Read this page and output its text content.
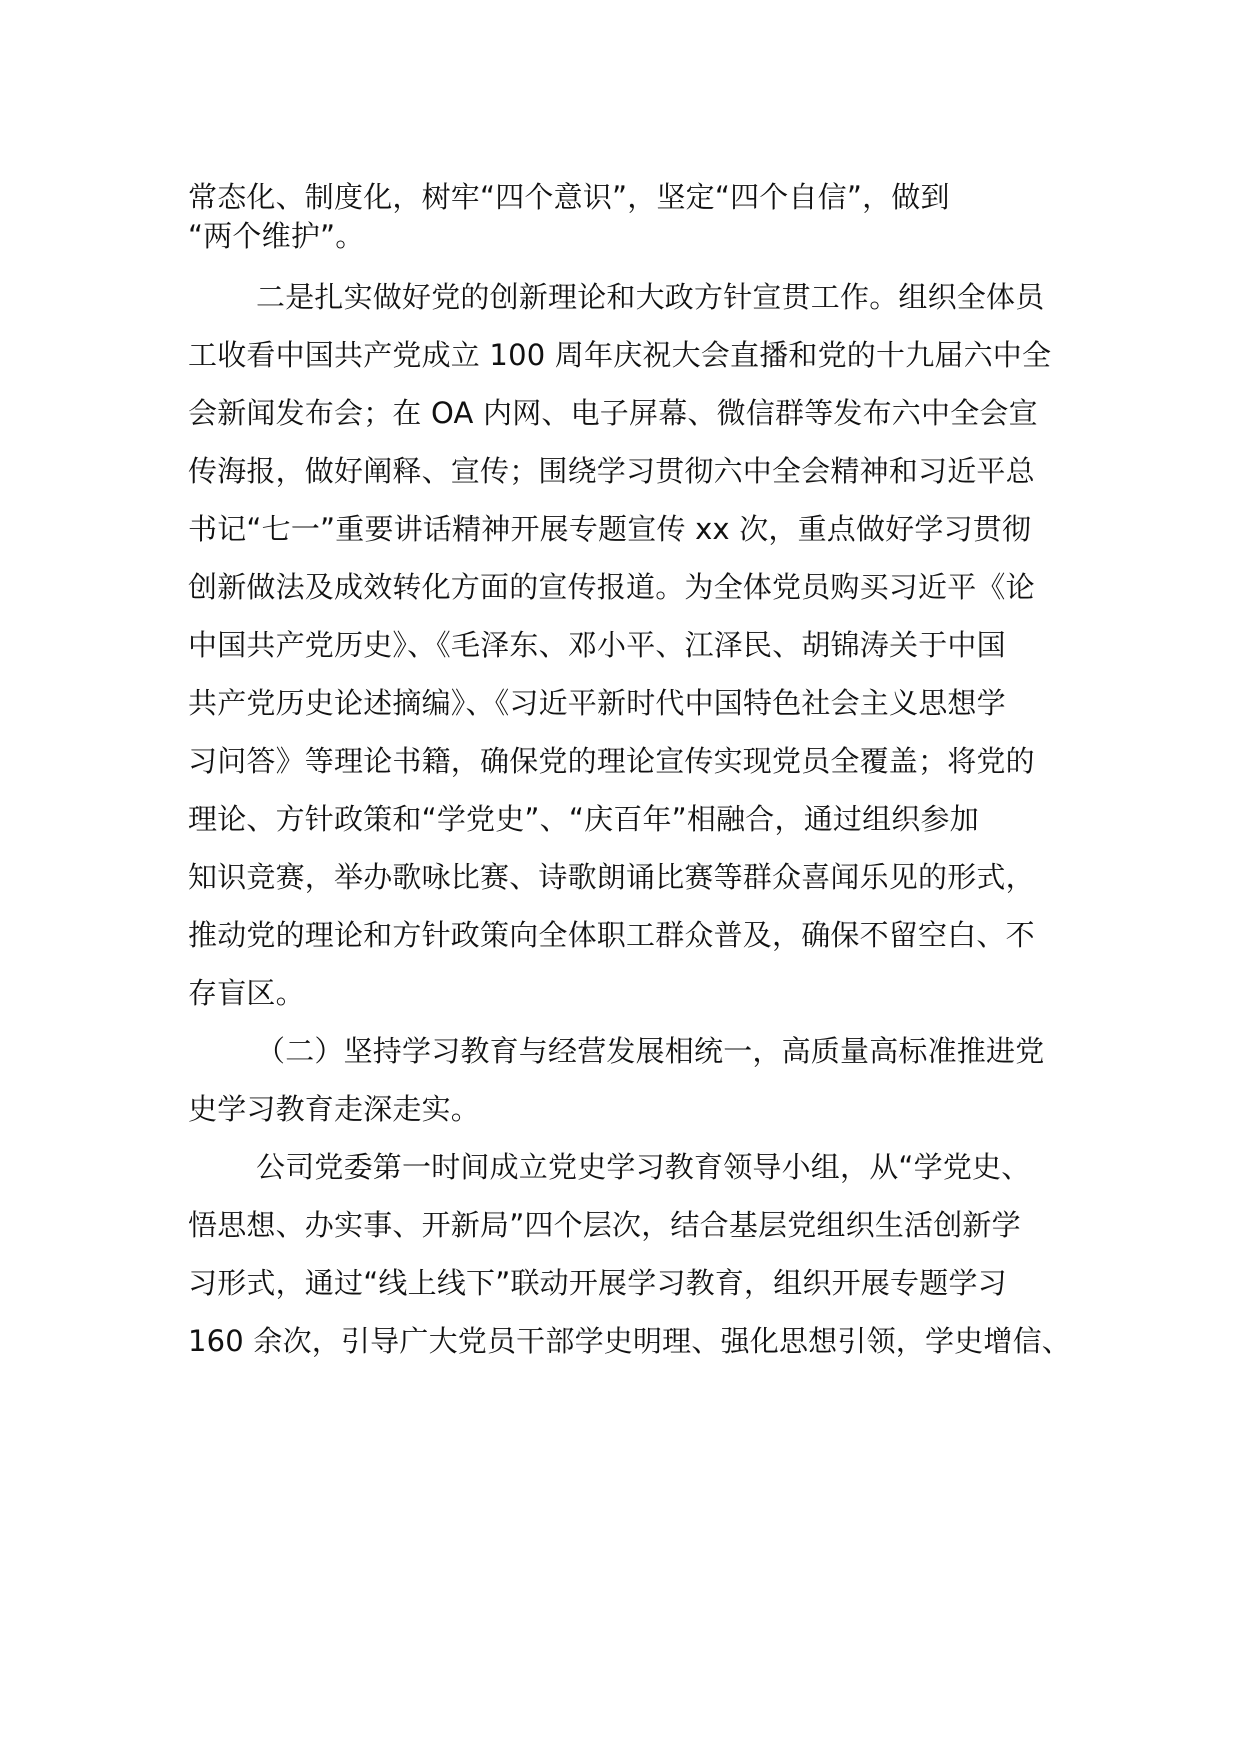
常态化、制度化，树牢“四个意识”，坚定“四个自信”，做到
“两个维护”。
二是扎实做好党的创新理论和大政方针宣贯工作。组织全体员
工收看中国共产党成立 100 周年庆祝大会直播和党的十九届六中全
会新闻发布会；在 OA 内网、电子屏幕、微信群等发布六中全会宣
传海报，做好阐释、宣传；围绕学习贯彻六中全会精神和习近平总
书记“七一”重要讲话精神开展专题宣传 xx 次，重点做好学习贯彻
创新做法及成效转化方面的宣传报道。为全体党员购买习近平《论
中国共产党历史》、《毛泽东、邓小平、江泽民、胡锦涛关于中国
共产党历史论述摘编》、《习近平新时代中国特色社会主义思想学
习问答》等理论书籍，确保党的理论宣传实现党员全覆盖；将党的
理论、方针政策和“学党史”、“庆百年”相融合，通过组织参加
知识竞赛，举办歌咏比赛、诗歌朗诵比赛等群众喜闻乐见的形式，
推动党的理论和方针政策向全体职工群众普及，确保不留空白、不
存盲区。
（二）坚持学习教育与经营发展相统一，高质量高标准推进党
史学习教育走深走实。
公司党委第一时间成立党史学习教育领导小组，从“学党史、
悟思想、办实事、开新局”四个层次，结合基层党组织生活创新学
习形式，通过“线上线下”联动开展学习教育，组织开展专题学习
160 余次，引导广大党员干部学史明理、强化思想引领，学史增信、
